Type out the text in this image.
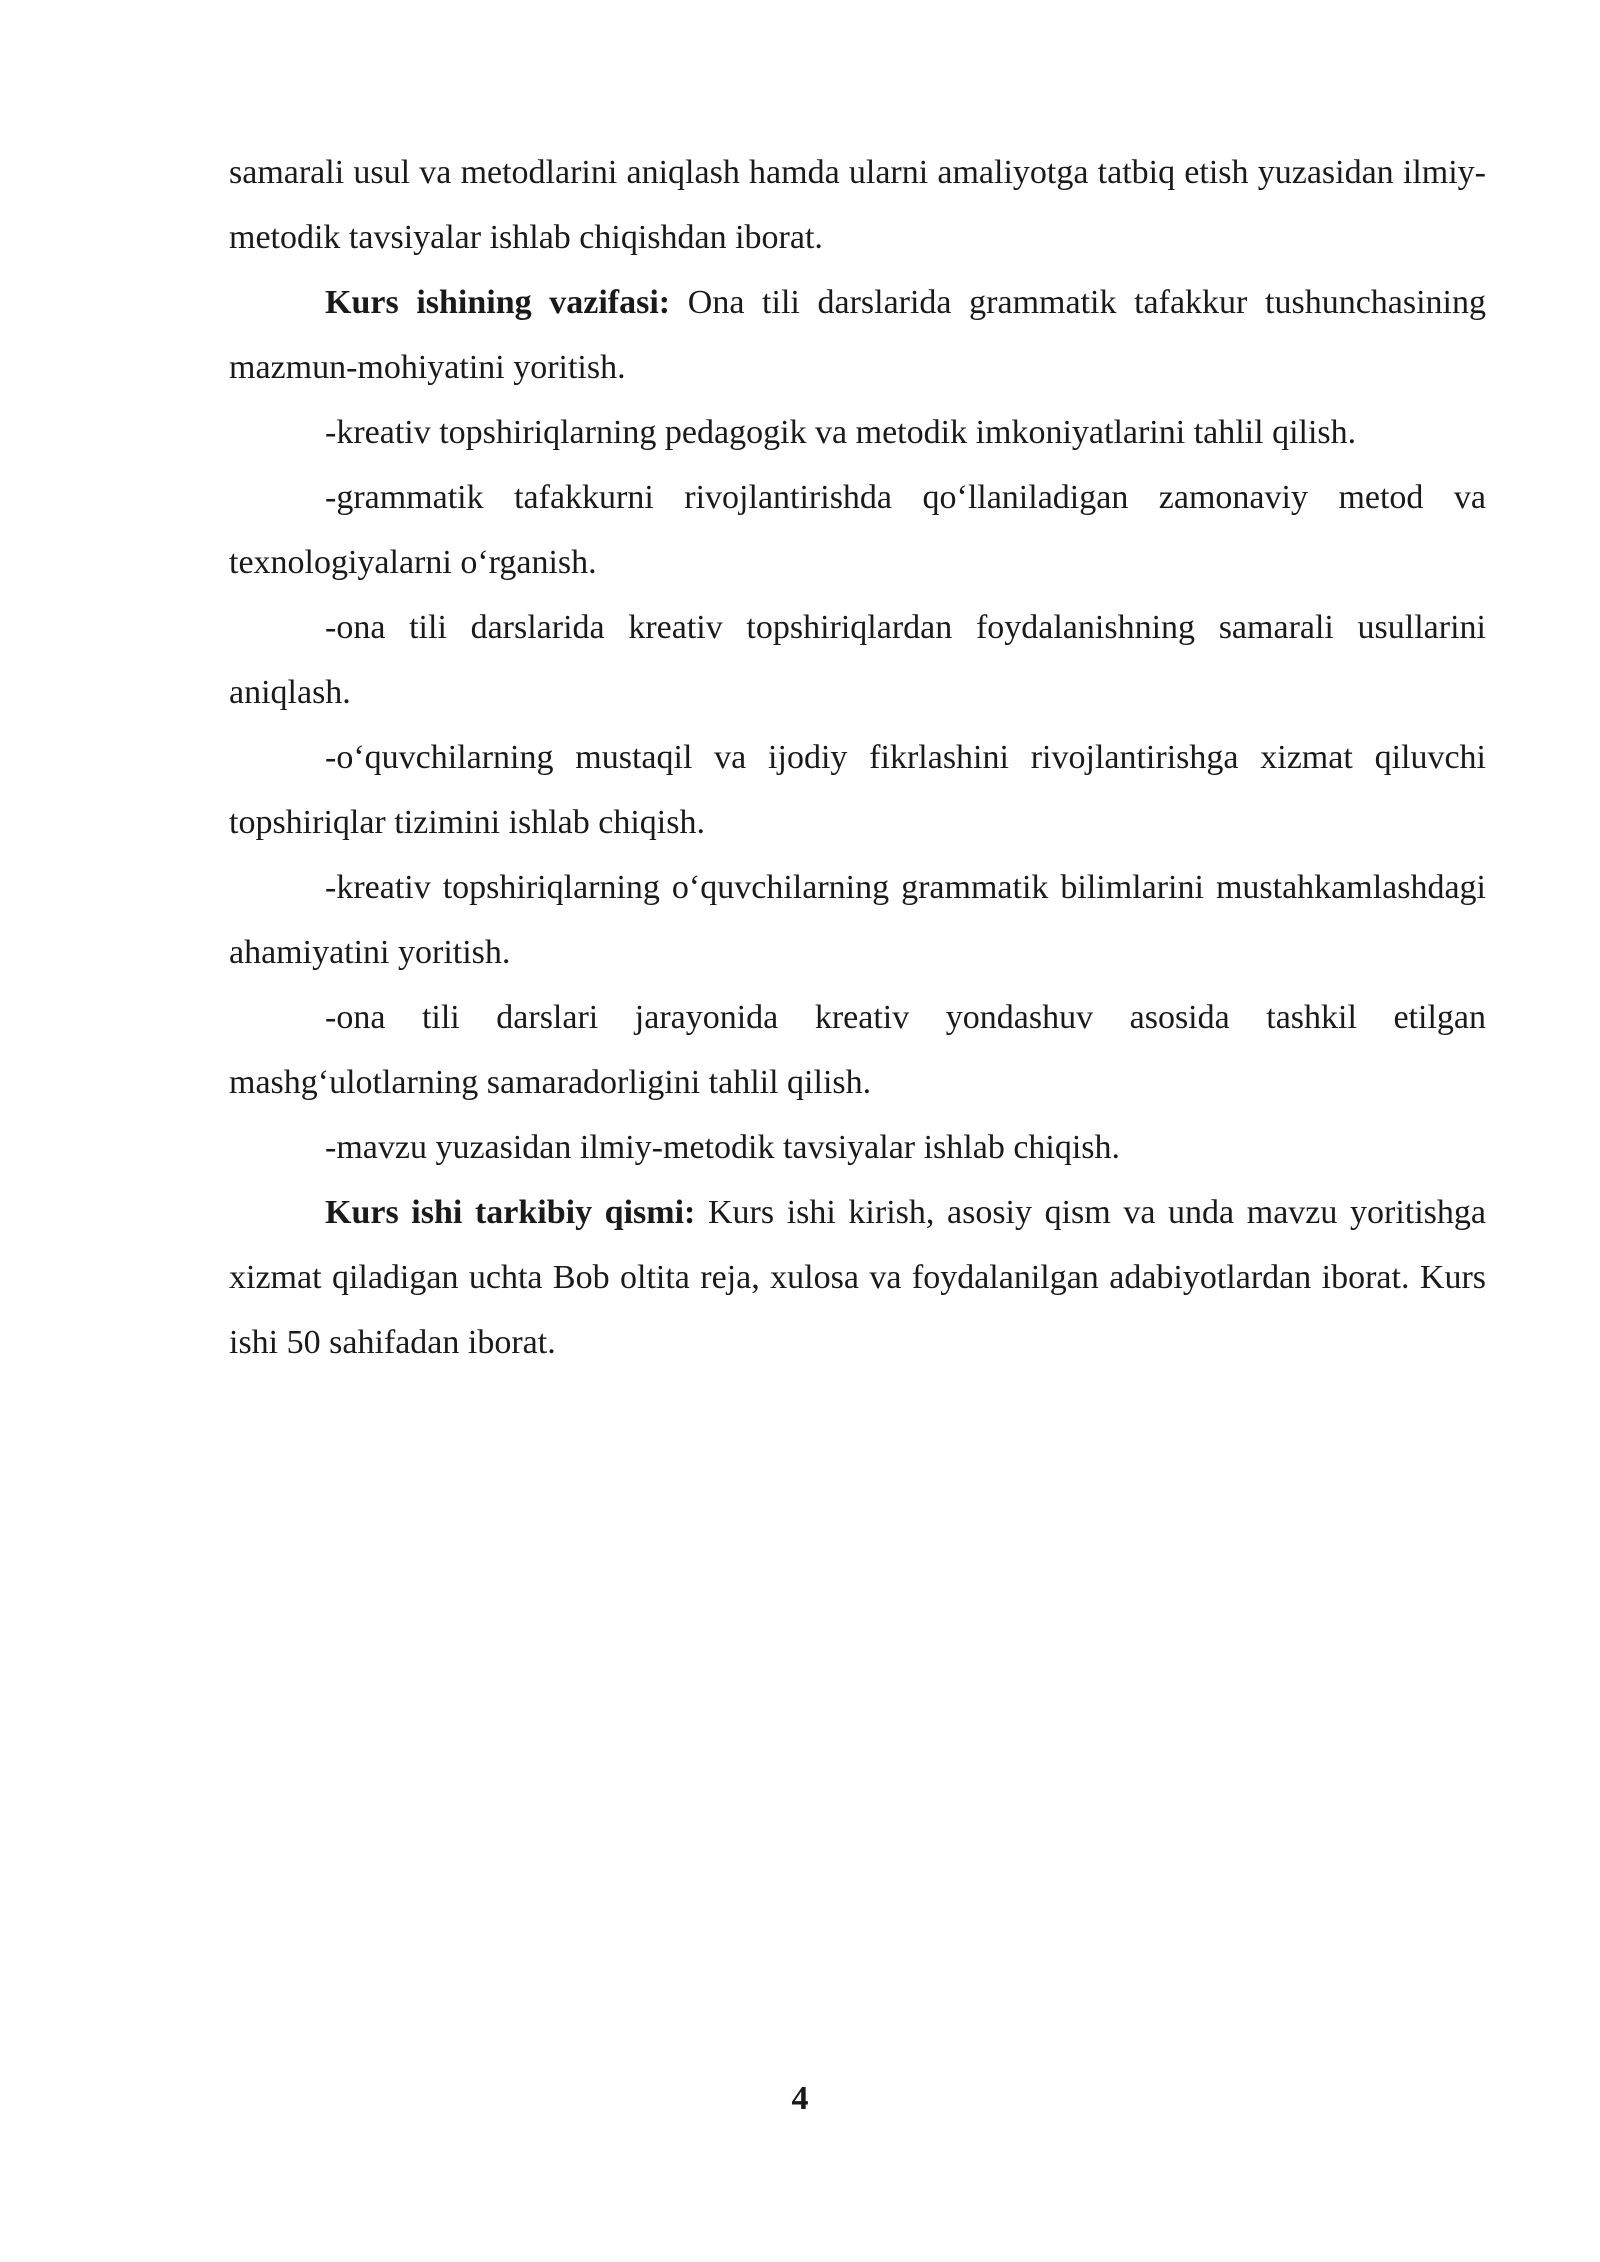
samarali usul va metodlarini aniqlash hamda ularni amaliyotga tatbiq etish yuzasidan ilmiy-metodik tavsiyalar ishlab chiqishdan iborat.

Kurs ishining vazifasi: Ona tili darslarida grammatik tafakkur tushunchasining mazmun-mohiyatini yoritish.

-kreativ topshiriqlarning pedagogik va metodik imkoniyatlarini tahlil qilish.

-grammatik tafakkurni rivojlantirishda qo‘llaniladigan zamonaviy metod va texnologiyalarni o‘rganish.

-ona tili darslarida kreativ topshiriqlardan foydalanishning samarali usullarini aniqlash.

-o‘quvchilarning mustaqil va ijodiy fikrlashini rivojlantirishga xizmat qiluvchi topshiriqlar tizimini ishlab chiqish.

-kreativ topshiriqlarning o‘quvchilarning grammatik bilimlarini mustahkamlashdagi ahamiyatini yoritish.

-ona tili darslari jarayonida kreativ yondashuv asosida tashkil etilgan mashg‘ulotlarning samaradorligini tahlil qilish.

-mavzu yuzasidan ilmiy-metodik tavsiyalar ishlab chiqish.

Kurs ishi tarkibiy qismi: Kurs ishi kirish, asosiy qism va unda mavzu yoritishga xizmat qiladigan uchta Bob oltita reja, xulosa va foydalanilgan adabiyotlardan iborat. Kurs ishi 50 sahifadan iborat.

4
